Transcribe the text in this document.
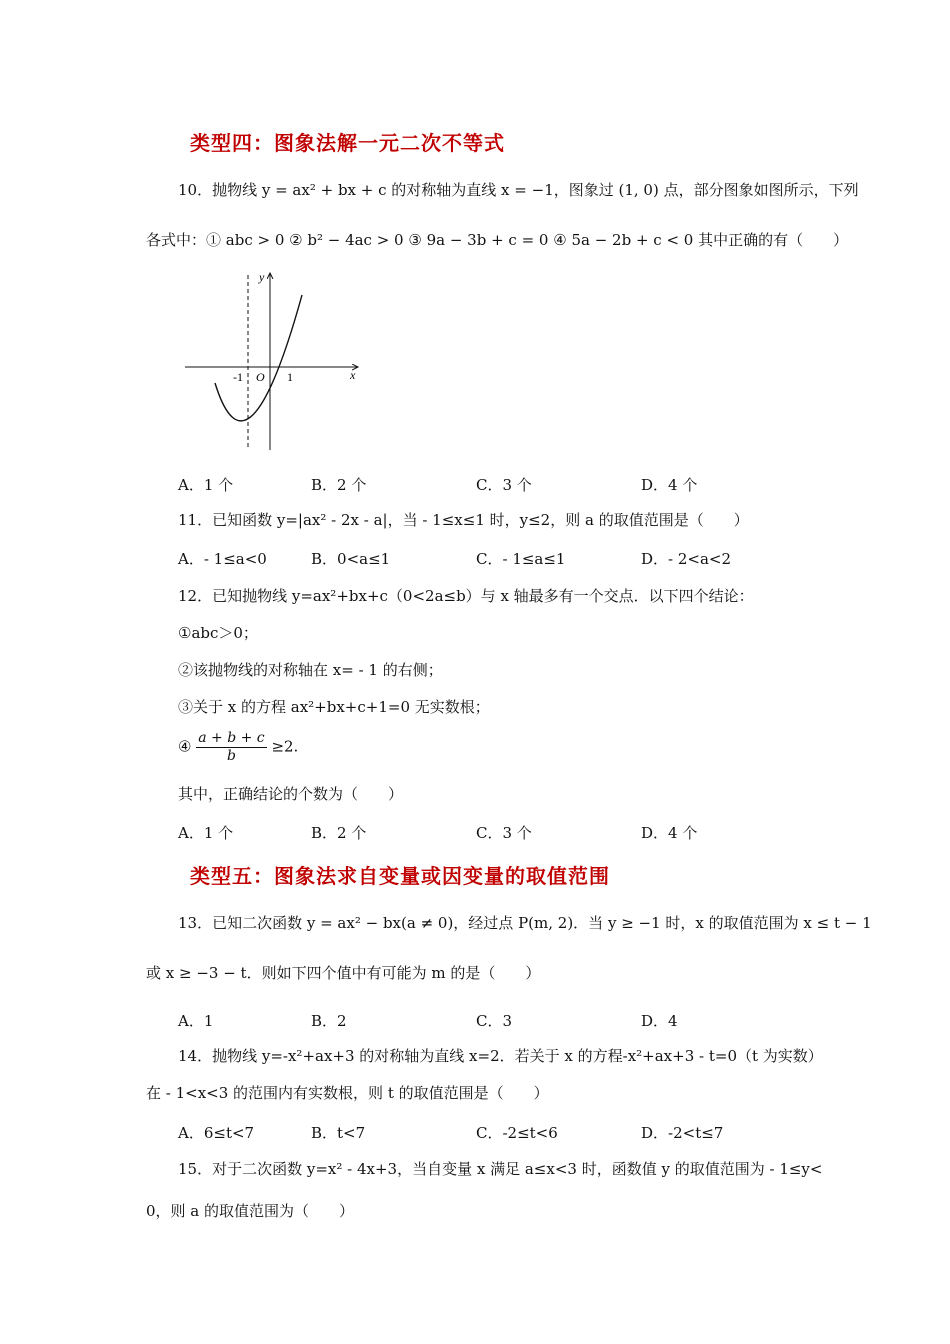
类型四：图象法解一元二次不等式
10．抛物线 y = ax² + bx + c 的对称轴为直线 x = −1，图象过 (1, 0) 点，部分图象如图所示，下列
各式中：① abc > 0 ② b² − 4ac > 0 ③ 9a − 3b + c = 0 ④ 5a − 2b + c < 0 其中正确的有（　　）
y
x
O
-1	1
A．1 个	B．2 个	C．3 个	D．4 个
11．已知函数 y=|ax² - 2x - a|，当 - 1≤x≤1 时，y≤2，则 a 的取值范围是（　　）
A．- 1≤a<0	B．0<a≤1	C．- 1≤a≤1	D．- 2<a<2
12．已知抛物线 y=ax²+bx+c（0<2a≤b）与 x 轴最多有一个交点．以下四个结论：
①abc＞0；
②该抛物线的对称轴在 x= - 1 的右侧；
③关于 x 的方程 ax²+bx+c+1=0 无实数根；
④ $\frac{a + b + c}{b} \ge 2$.
其中，正确结论的个数为（　　）
A．1 个	B．2 个	C．3 个	D．4 个
类型五：图象法求自变量或因变量的取值范围
13．已知二次函数 y = ax² − bx(a ≠ 0)，经过点 P(m, 2)．当 y ≥ −1 时，x 的取值范围为 x ≤ t − 1
或 x ≥ −3 − t．则如下四个值中有可能为 m 的是（　　）
A．1	B．2	C．3	D．4
14．抛物线 y=-x²+ax+3 的对称轴为直线 x=2．若关于 x 的方程-x²+ax+3 - t=0（t 为实数）
在 - 1<x<3 的范围内有实数根，则 t 的取值范围是（　　）
A．6≤t<7	B．t<7	C．-2≤t<6	D．-2<t≤7
15．对于二次函数 y=x² - 4x+3，当自变量 x 满足 a≤x<3 时，函数值 y 的取值范围为 - 1≤y<
0，则 a 的取值范围为（　　）
